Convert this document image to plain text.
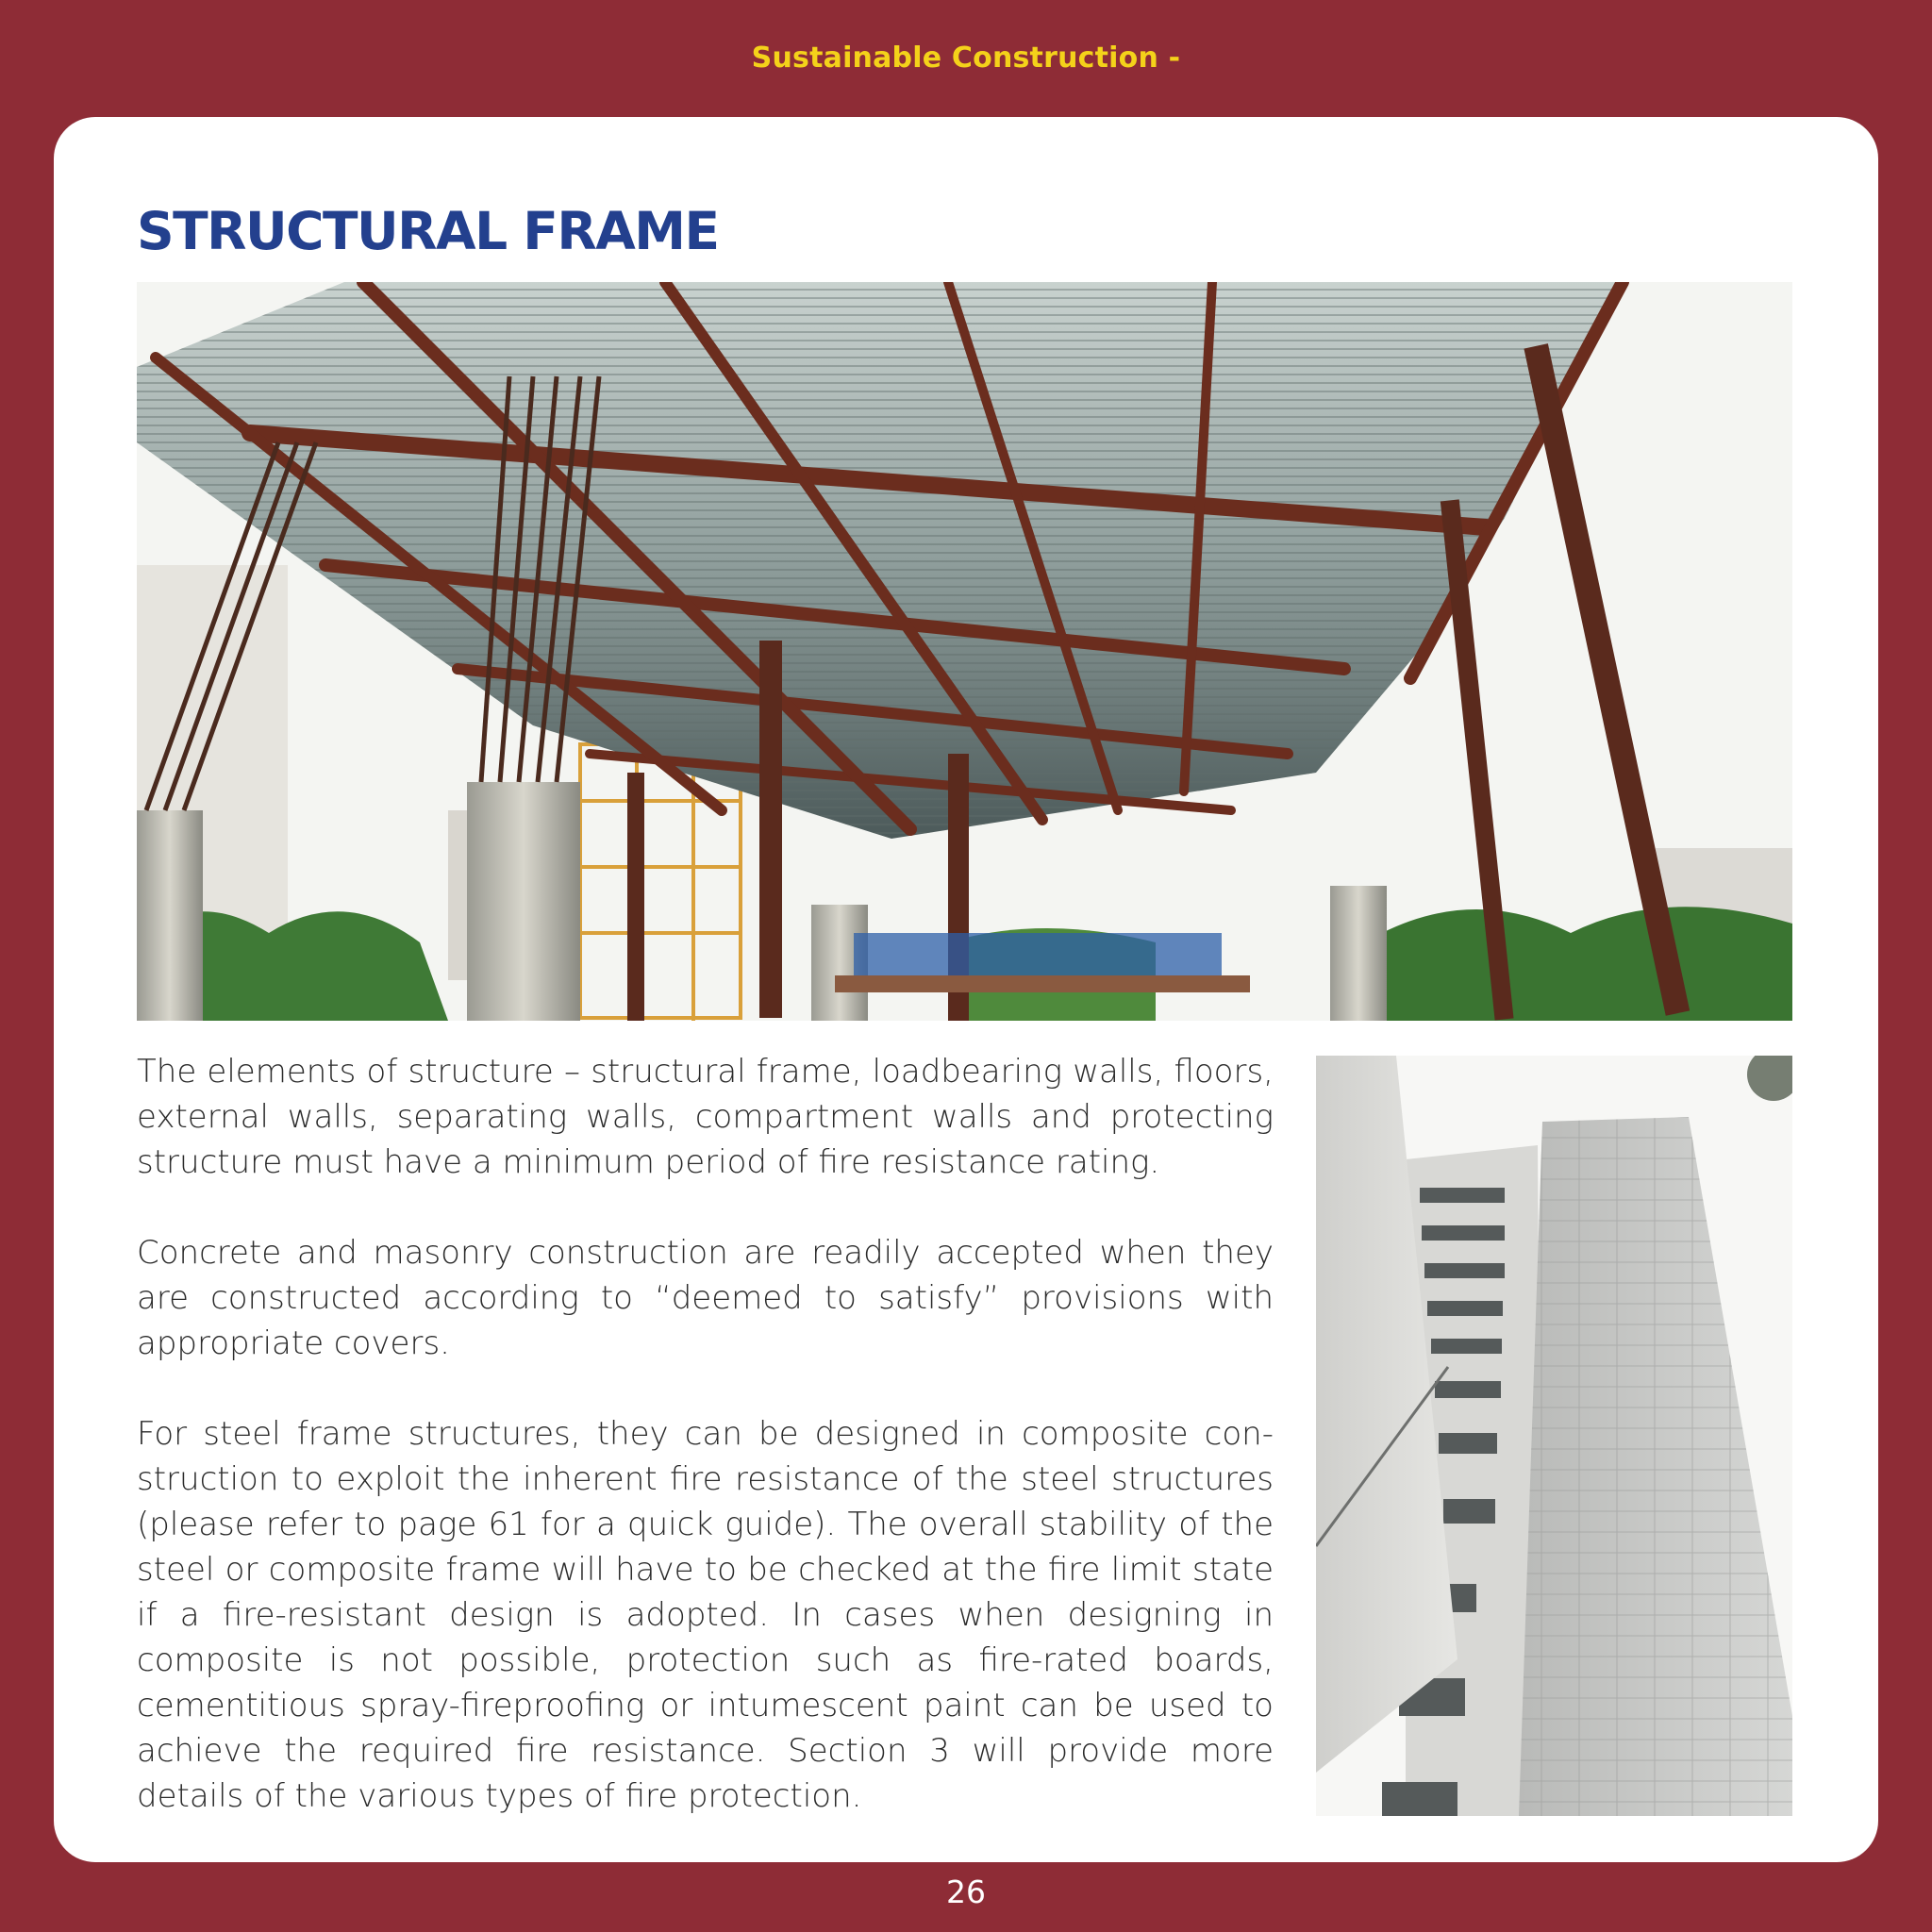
Sustainable Construction -
STRUCTURAL FRAME

The elements of structure – structural frame, loadbearing walls, floors, external walls, separating walls, compartment walls and protecting structure must have a minimum period of fire resistance rating.

Concrete and masonry construction are readily accepted when they are constructed according to “deemed to satisfy” provisions with appropriate covers.

For steel frame structures, they can be designed in composite construction to exploit the inherent fire resistance of the steel structures (please refer to page 61 for a quick guide). The overall stability of the steel or composite frame will have to be checked at the fire limit state if a fire-resistant design is adopted. In cases when designing in composite is not possible, protection such as fire-rated boards, cementitious spray-fireproofing or intumescent paint can be used to achieve the required fire resistance. Section 3 will provide more details of the various types of fire protection.

26
